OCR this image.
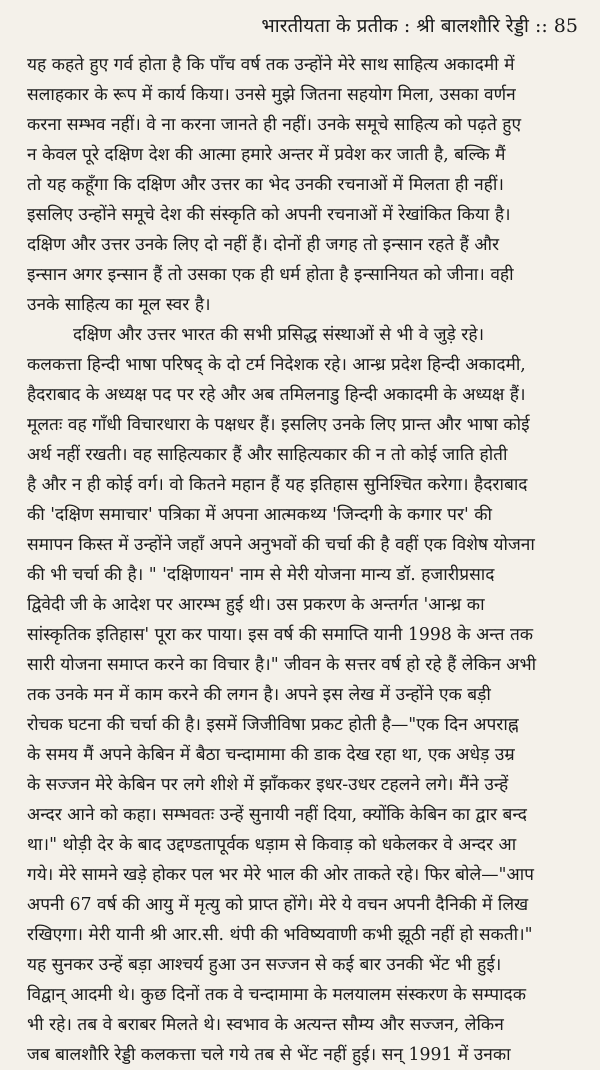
भारतीयता के प्रतीक : श्री बालशौरि रेड्डी :: 85
यह कहते हुए गर्व होता है कि पाँच वर्ष तक उन्होंने मेरे साथ साहित्य अकादमी में
सलाहकार के रूप में कार्य किया। उनसे मुझे जितना सहयोग मिला, उसका वर्णन
करना सम्भव नहीं। वे ना करना जानते ही नहीं। उनके समूचे साहित्य को पढ़ते हुए
न केवल पूरे दक्षिण देश की आत्मा हमारे अन्तर में प्रवेश कर जाती है, बल्कि मैं
तो यह कहूँगा कि दक्षिण और उत्तर का भेद उनकी रचनाओं में मिलता ही नहीं।
इसलिए उन्होंने समूचे देश की संस्कृति को अपनी रचनाओं में रेखांकित किया है।
दक्षिण और उत्तर उनके लिए दो नहीं हैं। दोनों ही जगह तो इन्सान रहते हैं और
इन्सान अगर इन्सान हैं तो उसका एक ही धर्म होता है इन्सानियत को जीना। वही
उनके साहित्य का मूल स्वर है।
दक्षिण और उत्तर भारत की सभी प्रसिद्ध संस्थाओं से भी वे जुड़े रहे।
कलकत्ता हिन्दी भाषा परिषद् के दो टर्म निदेशक रहे। आन्ध्र प्रदेश हिन्दी अकादमी,
हैदराबाद के अध्यक्ष पद पर रहे और अब तमिलनाडु हिन्दी अकादमी के अध्यक्ष हैं।
मूलतः वह गाँधी विचारधारा के पक्षधर हैं। इसलिए उनके लिए प्रान्त और भाषा कोई
अर्थ नहीं रखती। वह साहित्यकार हैं और साहित्यकार की न तो कोई जाति होती
है और न ही कोई वर्ग। वो कितने महान हैं यह इतिहास सुनिश्चित करेगा। हैदराबाद
की 'दक्षिण समाचार' पत्रिका में अपना आत्मकथ्य 'जिन्दगी के कगार पर' की
समापन किस्त में उन्होंने जहाँ अपने अनुभवों की चर्चा की है वहीं एक विशेष योजना
की भी चर्चा की है। " 'दक्षिणायन' नाम से मेरी योजना मान्य डॉ. हजारीप्रसाद
द्विवेदी जी के आदेश पर आरम्भ हुई थी। उस प्रकरण के अन्तर्गत 'आन्ध्र का
सांस्कृतिक इतिहास' पूरा कर पाया। इस वर्ष की समाप्ति यानी 1998 के अन्त तक
सारी योजना समाप्त करने का विचार है।" जीवन के सत्तर वर्ष हो रहे हैं लेकिन अभी
तक उनके मन में काम करने की लगन है। अपने इस लेख में उन्होंने एक बड़ी
रोचक घटना की चर्चा की है। इसमें जिजीविषा प्रकट होती है—"एक दिन अपराह्न
के समय मैं अपने केबिन में बैठा चन्दामामा की डाक देख रहा था, एक अधेड़ उम्र
के सज्जन मेरे केबिन पर लगे शीशे में झाँककर इधर-उधर टहलने लगे। मैंने उन्हें
अन्दर आने को कहा। सम्भवतः उन्हें सुनायी नहीं दिया, क्योंकि केबिन का द्वार बन्द
था।" थोड़ी देर के बाद उद्दण्डतापूर्वक धड़ाम से किवाड़ को धकेलकर वे अन्दर आ
गये। मेरे सामने खड़े होकर पल भर मेरे भाल की ओर ताकते रहे। फिर बोले—"आप
अपनी 67 वर्ष की आयु में मृत्यु को प्राप्त होंगे। मेरे ये वचन अपनी दैनिकी में लिख
रखिएगा। मेरी यानी श्री आर.सी. थंपी की भविष्यवाणी कभी झूठी नहीं हो सकती।"
यह सुनकर उन्हें बड़ा आश्चर्य हुआ उन सज्जन से कई बार उनकी भेंट भी हुई।
विद्वान् आदमी थे। कुछ दिनों तक वे चन्दामामा के मलयालम संस्करण के सम्पादक
भी रहे। तब वे बराबर मिलते थे। स्वभाव के अत्यन्त सौम्य और सज्जन, लेकिन
जब बालशौरि रेड्डी कलकत्ता चले गये तब से भेंट नहीं हुई। सन् 1991 में उनका
